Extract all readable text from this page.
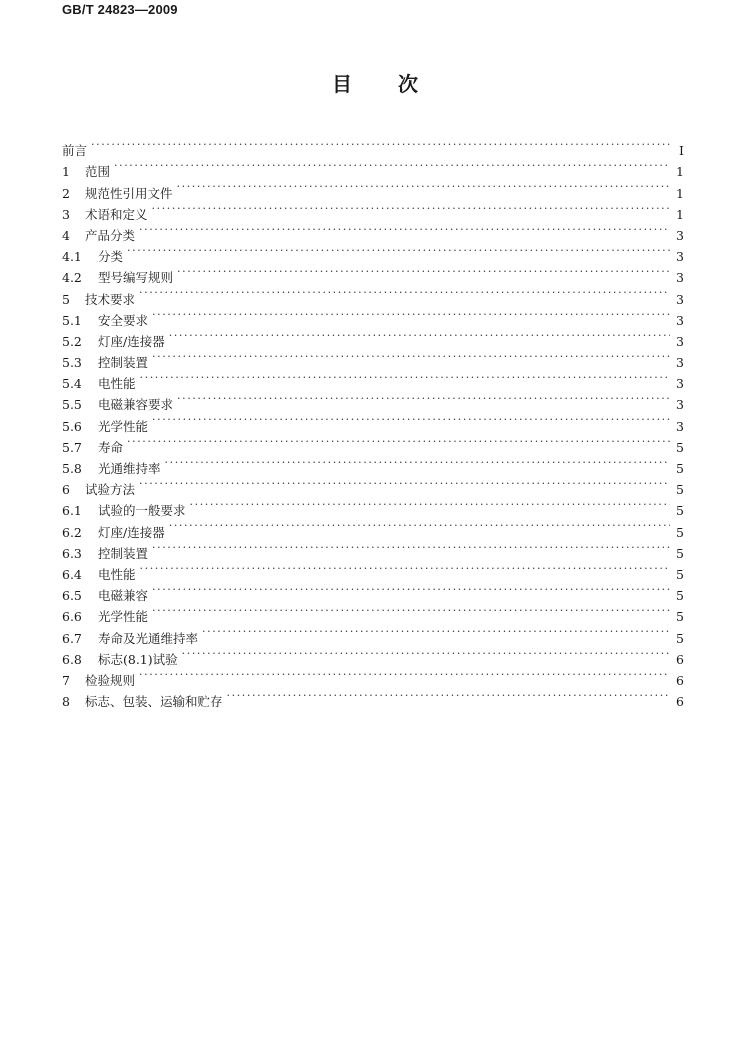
GB/T 24823—2009
目 次
前言 ·····	Ⅰ
1	范围 ·····	1
2	规范性引用文件 ·····	1
3	术语和定义 ·····	1
4	产品分类 ·····	3
4.1	分类 ·····	3
4.2	型号编写规则 ·····	3
5	技术要求 ·····	3
5.1	安全要求 ·····	3
5.2	灯座/连接器 ·····	3
5.3	控制装置 ·····	3
5.4	电性能 ·····	3
5.5	电磁兼容要求 ·····	3
5.6	光学性能 ·····	3
5.7	寿命 ·····	5
5.8	光通维持率 ·····	5
6	试验方法 ·····	5
6.1	试验的一般要求 ·····	5
6.2	灯座/连接器 ·····	5
6.3	控制装置 ·····	5
6.4	电性能 ·····	5
6.5	电磁兼容 ·····	5
6.6	光学性能 ·····	5
6.7	寿命及光通维持率 ·····	5
6.8	标志(8.1)试验 ·····	6
7	检验规则 ·····	6
8	标志、包装、运输和贮存 ·····	6
